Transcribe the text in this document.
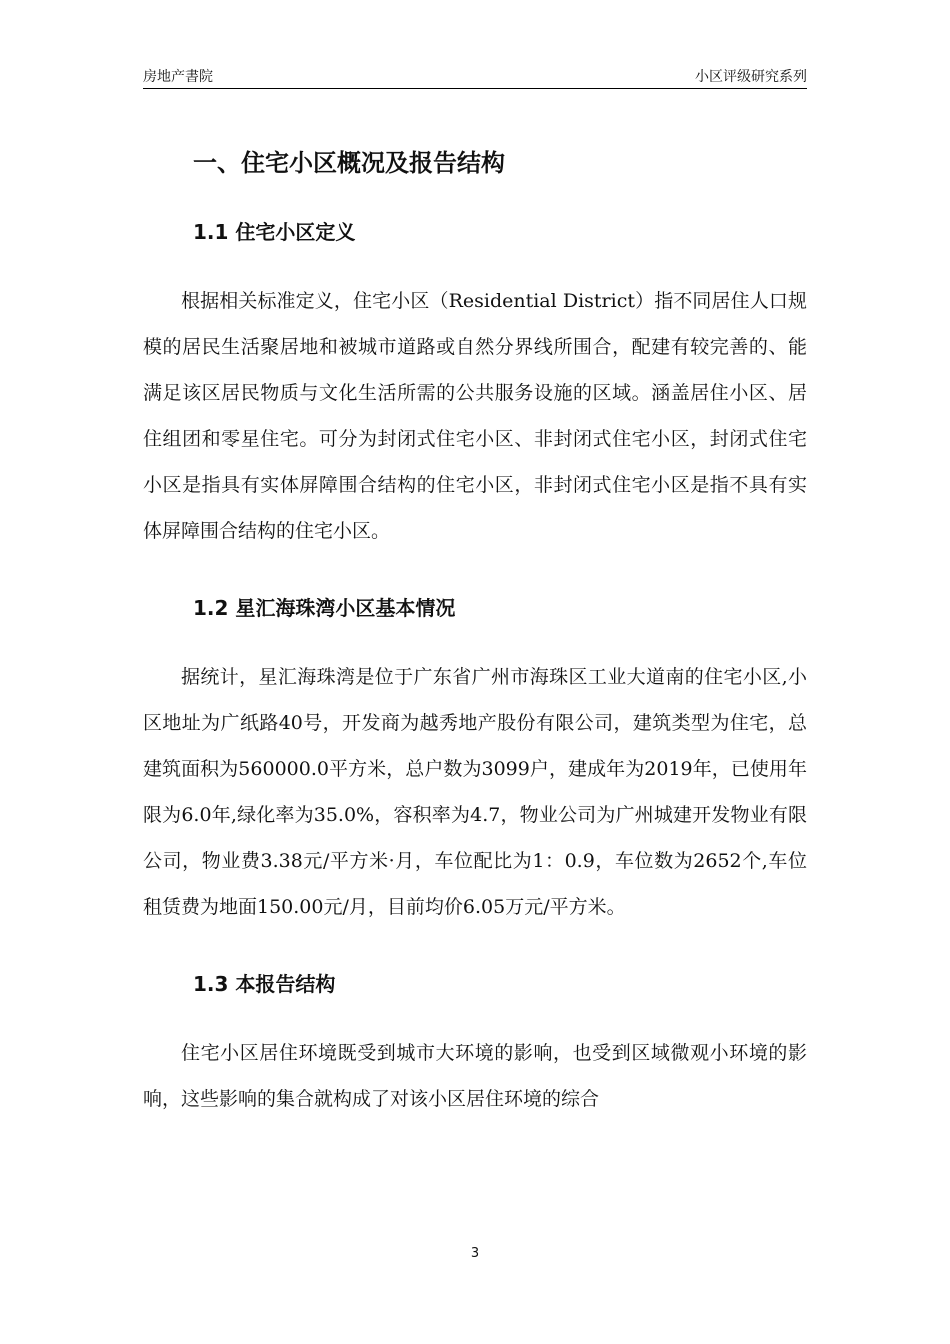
房地产書院	小区评级研究系列
一、住宅小区概况及报告结构
1.1 住宅小区定义

根据相关标准定义，住宅小区（Residential District）指不同居住人口规模的居民生活聚居地和被城市道路或自然分界线所围合，配建有较完善的、能满足该区居民物质与文化生活所需的公共服务设施的区域。涵盖居住小区、居住组团和零星住宅。可分为封闭式住宅小区、非封闭式住宅小区，封闭式住宅小区是指具有实体屏障围合结构的住宅小区，非封闭式住宅小区是指不具有实体屏障围合结构的住宅小区。

1.2 星汇海珠湾小区基本情况

据统计，星汇海珠湾是位于广东省广州市海珠区工业大道南的住宅小区,小区地址为广纸路40号，开发商为越秀地产股份有限公司，建筑类型为住宅，总建筑面积为560000.0平方米，总户数为3099户，建成年为2019年，已使用年限为6.0年,绿化率为35.0%，容积率为4.7，物业公司为广州城建开发物业有限公司，物业费3.38元/平方米·月，车位配比为1：0.9，车位数为2652个,车位租赁费为地面150.00元/月，目前均价6.05万元/平方米。

1.3 本报告结构

住宅小区居住环境既受到城市大环境的影响，也受到区域微观小环境的影响，这些影响的集合就构成了对该小区居住环境的综合

3
